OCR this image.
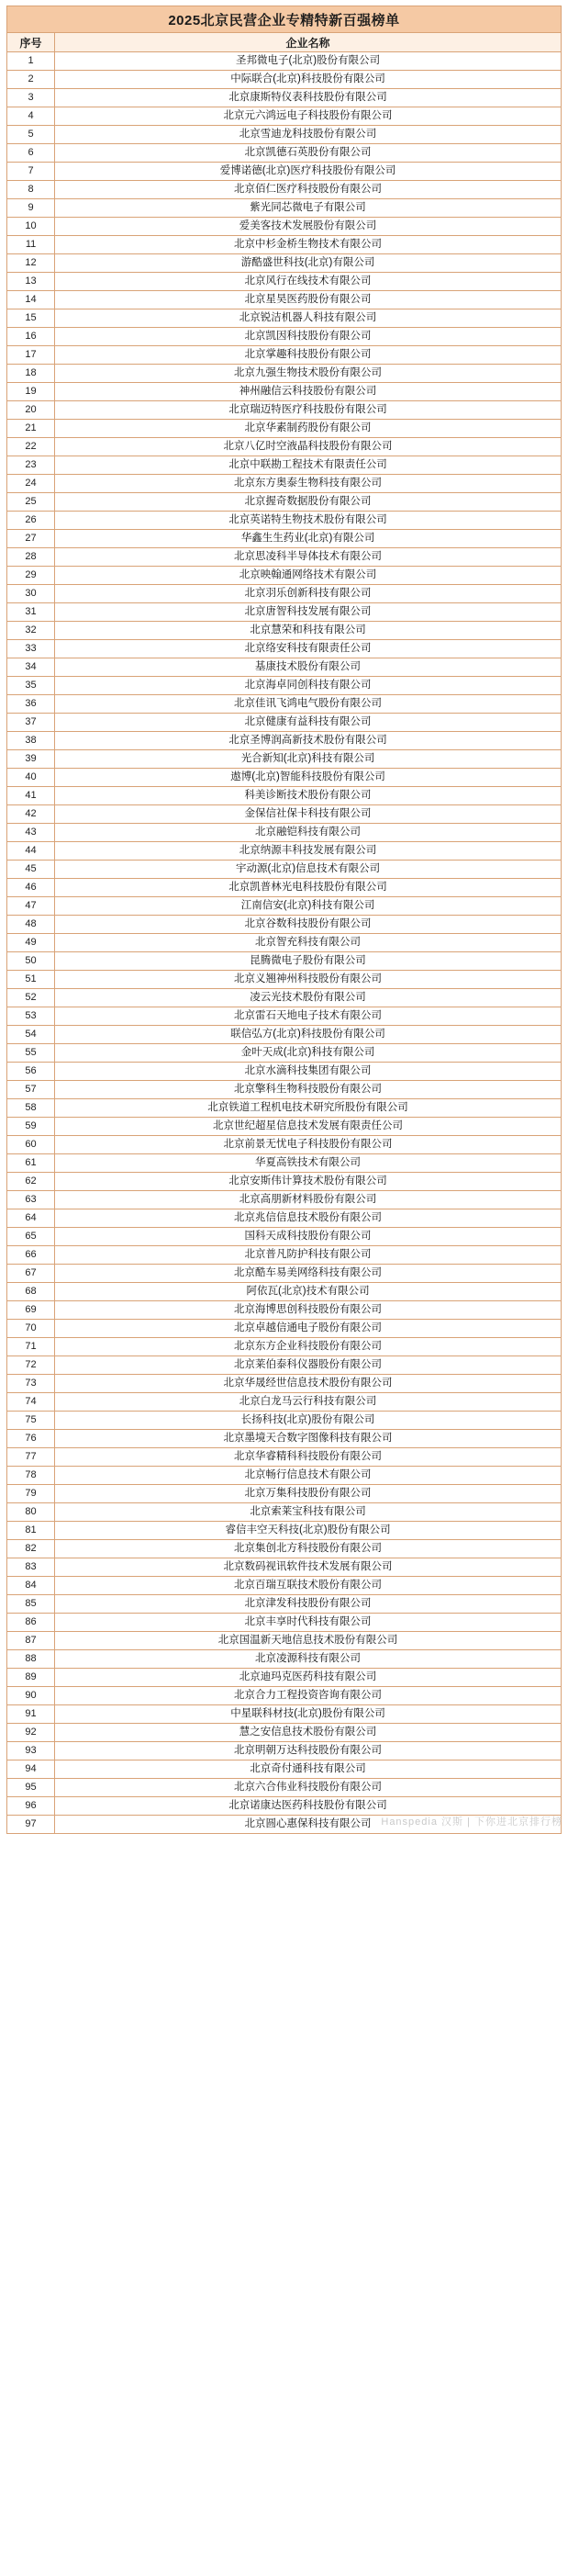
2025北京民营企业专精特新百强榜单	
序号	企业名称
1	圣邦微电子(北京)股份有限公司
2	中际联合(北京)科技股份有限公司
3	北京康斯特仪表科技股份有限公司
4	北京元六鸿远电子科技股份有限公司
5	北京雪迪龙科技股份有限公司
6	北京凯德石英股份有限公司
7	爱博诺德(北京)医疗科技股份有限公司
8	北京佰仁医疗科技股份有限公司
9	紫光同芯微电子有限公司
10	爱美客技术发展股份有限公司
11	北京中杉金桥生物技术有限公司
12	游酷盛世科技(北京)有限公司
13	北京风行在线技术有限公司
14	北京星昊医药股份有限公司
15	北京锐洁机器人科技有限公司
16	北京凯因科技股份有限公司
17	北京掌趣科技股份有限公司
18	北京九强生物技术股份有限公司
19	神州融信云科技股份有限公司
20	北京瑞迈特医疗科技股份有限公司
21	北京华素制药股份有限公司
22	北京八亿时空液晶科技股份有限公司
23	北京中联勘工程技术有限责任公司
24	北京东方奥泰生物科技有限公司
25	北京握奇数据股份有限公司
26	北京英诺特生物技术股份有限公司
27	华鑫生生药业(北京)有限公司
28	北京思凌科半导体技术有限公司
29	北京映翰通网络技术有限公司
30	北京羽乐创新科技有限公司
31	北京唐智科技发展有限公司
32	北京慧荣和科技有限公司
33	北京络安科技有限责任公司
34	基康技术股份有限公司
35	北京海卓同创科技有限公司
36	北京佳讯飞鸿电气股份有限公司
37	北京健康有益科技有限公司
38	北京圣博润高新技术股份有限公司
39	光合新知(北京)科技有限公司
40	遨博(北京)智能科技股份有限公司
41	科美诊断技术股份有限公司
42	金保信社保卡科技有限公司
43	北京融铠科技有限公司
44	北京纳源丰科技发展有限公司
45	宇动源(北京)信息技术有限公司
46	北京凯普林光电科技股份有限公司
47	江南信安(北京)科技有限公司
48	北京谷数科技股份有限公司
49	北京智充科技有限公司
50	昆腾微电子股份有限公司
51	北京义翘神州科技股份有限公司
52	凌云光技术股份有限公司
53	北京雷石天地电子技术有限公司
54	联信弘方(北京)科技股份有限公司
55	金叶天成(北京)科技有限公司
56	北京水滴科技集团有限公司
57	北京擎科生物科技股份有限公司
58	北京铁道工程机电技术研究所股份有限公司
59	北京世纪超星信息技术发展有限责任公司
60	北京前景无忧电子科技股份有限公司
61	华夏高铁技术有限公司
62	北京安斯伟计算技术股份有限公司
63	北京高朋新材料股份有限公司
64	北京兆信信息技术股份有限公司
65	国科天成科技股份有限公司
66	北京普凡防护科技有限公司
67	北京酷车易美网络科技有限公司
68	阿依瓦(北京)技术有限公司
69	北京海博思创科技股份有限公司
70	北京卓越信通电子股份有限公司
71	北京东方企业科技股份有限公司
72	北京莱伯泰科仪器股份有限公司
73	北京华晟经世信息技术股份有限公司
74	北京白龙马云行科技有限公司
75	长扬科技(北京)股份有限公司
76	北京墨境天合数字图像科技有限公司
77	北京华睿精科科技股份有限公司
78	北京畅行信息技术有限公司
79	北京万集科技股份有限公司
80	北京索莱宝科技有限公司
81	睿信丰空天科技(北京)股份有限公司
82	北京集创北方科技股份有限公司
83	北京数码视讯软件技术发展有限公司
84	北京百瑞互联技术股份有限公司
85	北京津发科技股份有限公司
86	北京丰享时代科技有限公司
87	北京国温新天地信息技术股份有限公司
88	北京凌源科技有限公司
89	北京迪玛克医药科技有限公司
90	北京合力工程投资咨询有限公司
91	中星联科材技(北京)股份有限公司
92	慧之安信息技术股份有限公司
93	北京明朝万达科技股份有限公司
94	北京奇付通科技有限公司
95	北京六合伟业科技股份有限公司
96	北京诺康达医药科技股份有限公司
97	北京圆心惠保科技有限公司 Hanspedia 汉斯 | 下你进北京排行榜
